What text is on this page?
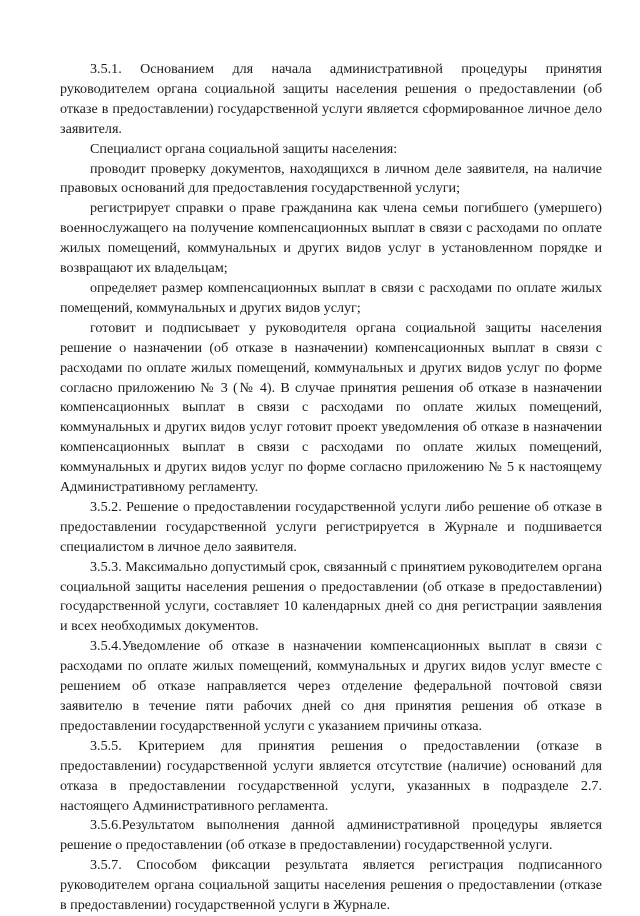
3.5.1. Основанием для начала административной процедуры принятия руководителем органа социальной защиты населения решения о предоставлении (об отказе в предоставлении) государственной услуги является сформированное личное дело заявителя.

Специалист органа социальной защиты населения:

проводит проверку документов, находящихся в личном деле заявителя, на наличие правовых оснований для предоставления государственной услуги;

регистрирует справки о праве гражданина как члена семьи погибшего (умершего) военнослужащего на получение компенсационных выплат в связи с расходами по оплате жилых помещений, коммунальных и других видов услуг в установленном порядке и возвращают их владельцам;

определяет размер компенсационных выплат в связи с расходами по оплате жилых помещений, коммунальных и других видов услуг;

готовит и подписывает у руководителя органа социальной защиты населения решение о назначении (об отказе в назначении) компенсационных выплат в связи с расходами по оплате жилых помещений, коммунальных и других видов услуг по форме согласно приложению № 3 (№ 4). В случае принятия решения об отказе в назначении компенсационных выплат в связи с расходами по оплате жилых помещений, коммунальных и других видов услуг готовит проект уведомления об отказе в назначении компенсационных выплат в связи с расходами по оплате жилых помещений, коммунальных и других видов услуг по форме согласно приложению № 5 к настоящему Административному регламенту.

3.5.2. Решение о предоставлении государственной услуги либо решение об отказе в предоставлении государственной услуги регистрируется в Журнале и подшивается специалистом в личное дело заявителя.

3.5.3. Максимально допустимый срок, связанный с принятием руководителем органа социальной защиты населения решения о предоставлении (об отказе в предоставлении) государственной услуги, составляет 10 календарных дней со дня регистрации заявления и всех необходимых документов.

3.5.4.Уведомление об отказе в назначении компенсационных выплат в связи с расходами по оплате жилых помещений, коммунальных и других видов услуг вместе с решением об отказе направляется через отделение федеральной почтовой связи заявителю в течение пяти рабочих дней со дня принятия решения об отказе в предоставлении государственной услуги с указанием причины отказа.

3.5.5. Критерием для принятия решения о предоставлении (отказе в предоставлении) государственной услуги является отсутствие (наличие) оснований для отказа в предоставлении государственной услуги, указанных в подразделе 2.7. настоящего Административного регламента.

3.5.6.Результатом выполнения данной административной процедуры является решение о предоставлении (об отказе в предоставлении) государственной услуги.

3.5.7. Способом фиксации результата является регистрация подписанного руководителем органа социальной защиты населения решения о предоставлении (отказе в предоставлении) государственной услуги в Журнале.
